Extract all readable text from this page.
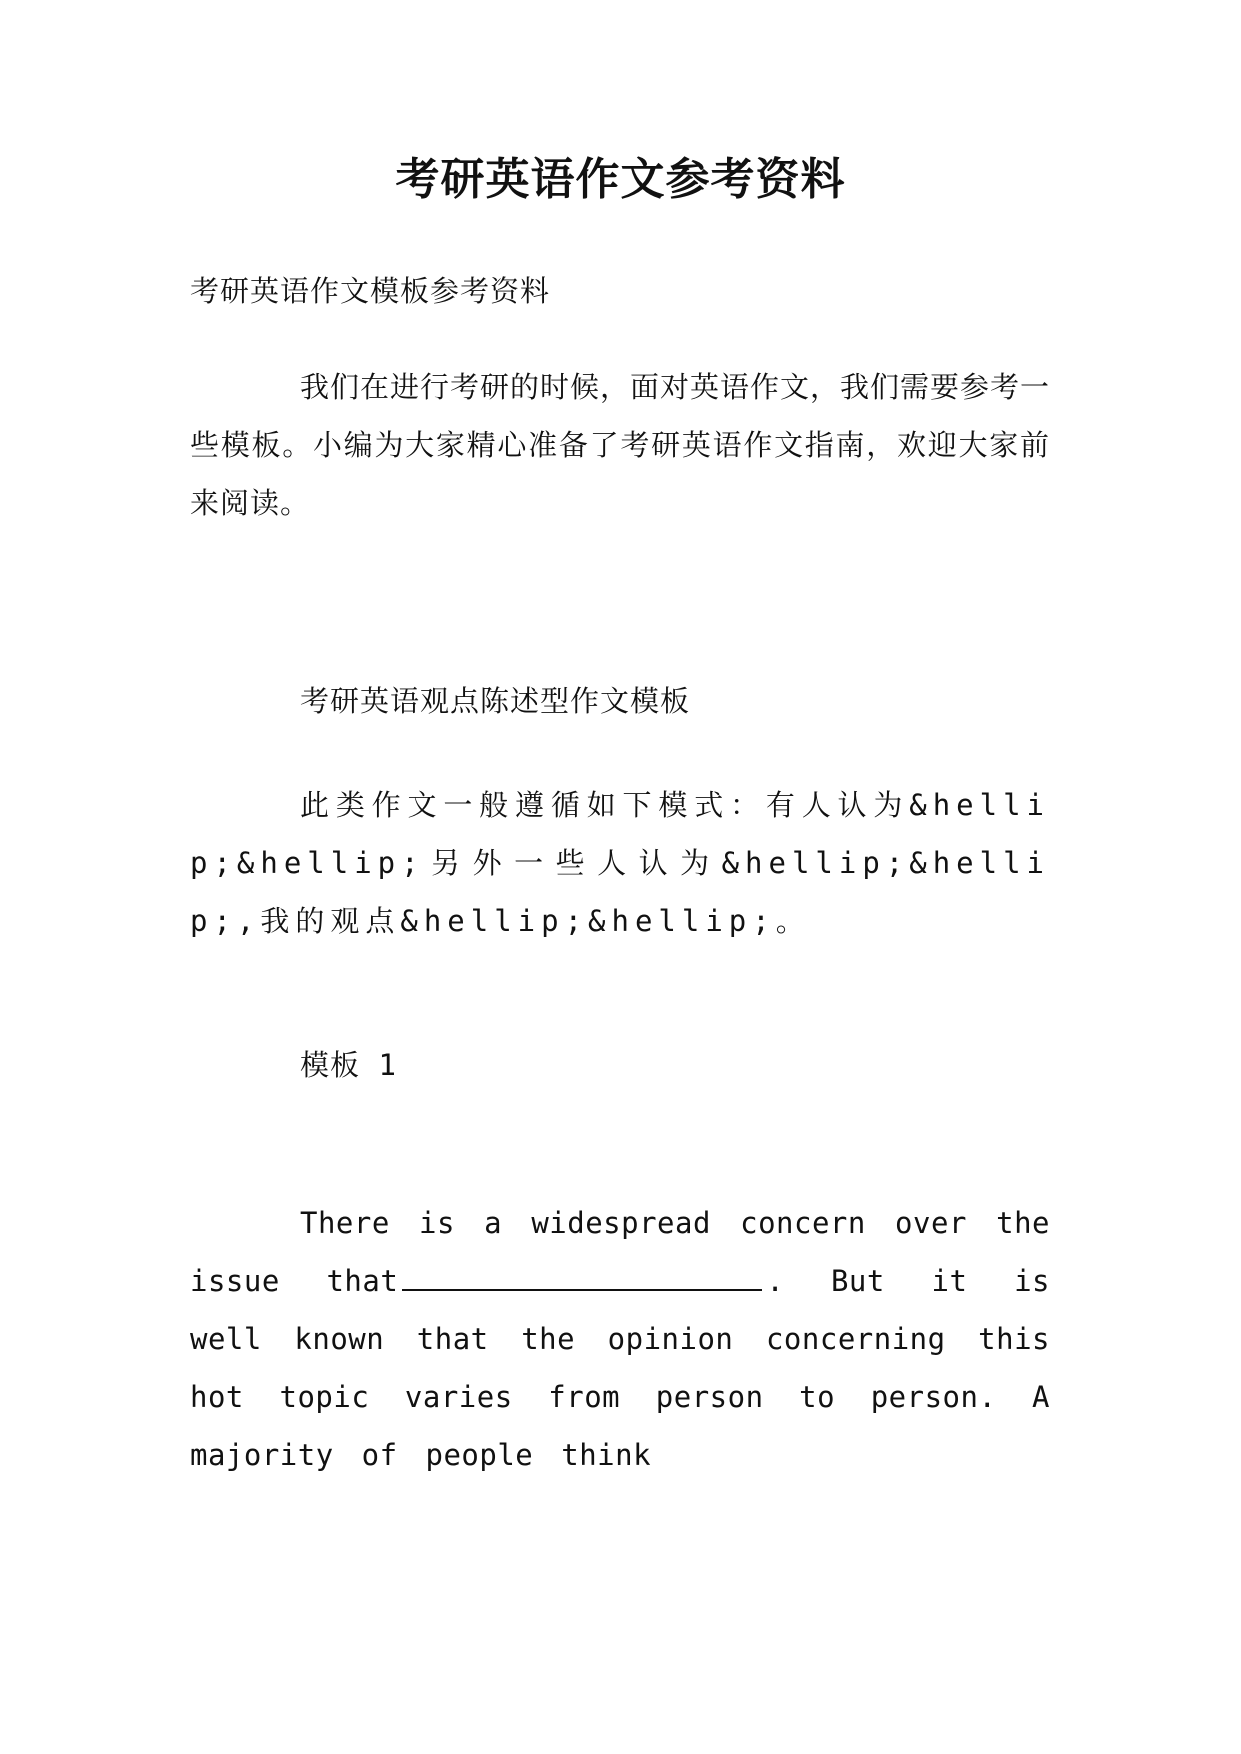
考研英语作文参考资料

考研英语作文模板参考资料

我们在进行考研的时候，面对英语作文，我们需要参考一些模板。小编为大家精心准备了考研英语作文指南，欢迎大家前来阅读。

考研英语观点陈述型作文模板

此类作文一般遵循如下模式：有人认为&hellip;&hellip;另外一些人认为&hellip;&hellip;,我的观点&hellip;&hellip;。

模板 1

There is a widespread concern over the issue that	. But it is well known that the opinion concerning this hot topic varies from person to person. A majority of people think
